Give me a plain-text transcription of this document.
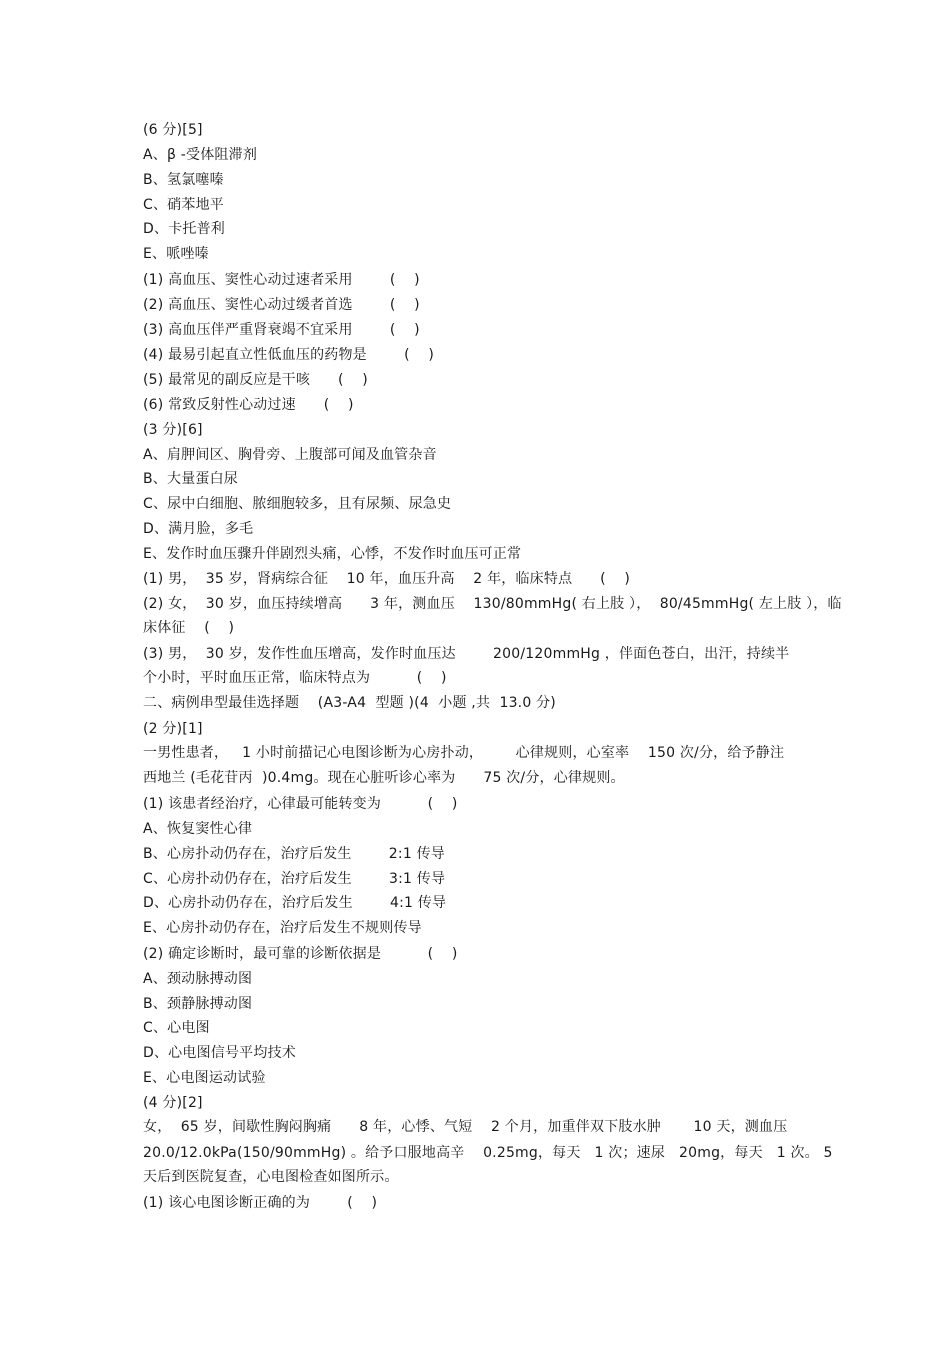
(6 分)[5]
A、β -受体阻滞剂
B、氢氯噻嗪
C、硝苯地平
D、卡托普利
E、哌唑嗪
(1) 高血压、窦性心动过速者采用        (    )
(2) 高血压、窦性心动过缓者首选        (    )
(3) 高血压伴严重肾衰竭不宜采用        (    )
(4) 最易引起直立性低血压的药物是        (    )
(5) 最常见的副反应是干咳      (    )
(6) 常致反射性心动过速      (    )
(3 分)[6]
A、肩胛间区、胸骨旁、上腹部可闻及血管杂音
B、大量蛋白尿
C、尿中白细胞、脓细胞较多，且有尿频、尿急史
D、满月脸，多毛
E、发作时血压骤升伴剧烈头痛，心悸，不发作时血压可正常
(1) 男，  35 岁，肾病综合征    10 年，血压升高    2 年，临床特点      (    )
(2) 女，  30 岁，血压持续增高      3 年，测血压    130/80mmHg( 右上肢 ），  80/45mmHg( 左上肢 ），临
床体征    (    )
(3) 男，  30 岁，发作性血压增高，发作时血压达        200/120mmHg ，伴面色苍白，出汗，持续半
个小时，平时血压正常，临床特点为          (    )
二、病例串型最佳选择题    (A3-A4  型题 )(4  小题 ,共  13.0 分)
(2 分)[1]
一男性患者，   1 小时前描记心电图诊断为心房扑动，       心律规则，心室率    150 次/分，给予静注
西地兰 (毛花苷丙  )0.4mg。现在心脏听诊心率为      75 次/分，心律规则。
(1) 该患者经治疗，心律最可能转变为          (    )
A、恢复窦性心律
B、心房扑动仍存在，治疗后发生        2:1 传导
C、心房扑动仍存在，治疗后发生        3:1 传导
D、心房扑动仍存在，治疗后发生        4:1 传导
E、心房扑动仍存在，治疗后发生不规则传导
(2) 确定诊断时，最可靠的诊断依据是          (    )
A、颈动脉搏动图
B、颈静脉搏动图
C、心电图
D、心电图信号平均技术
E、心电图运动试验
(4 分)[2]
女，  65 岁，间歇性胸闷胸痛      8 年，心悸、气短    2 个月，加重伴双下肢水肿       10 天，测血压
20.0/12.0kPa(150/90mmHg) 。给予口服地高辛    0.25mg，每天   1 次；速尿   20mg，每天   1 次。 5
天后到医院复查，心电图检查如图所示。
(1) 该心电图诊断正确的为        (    )
